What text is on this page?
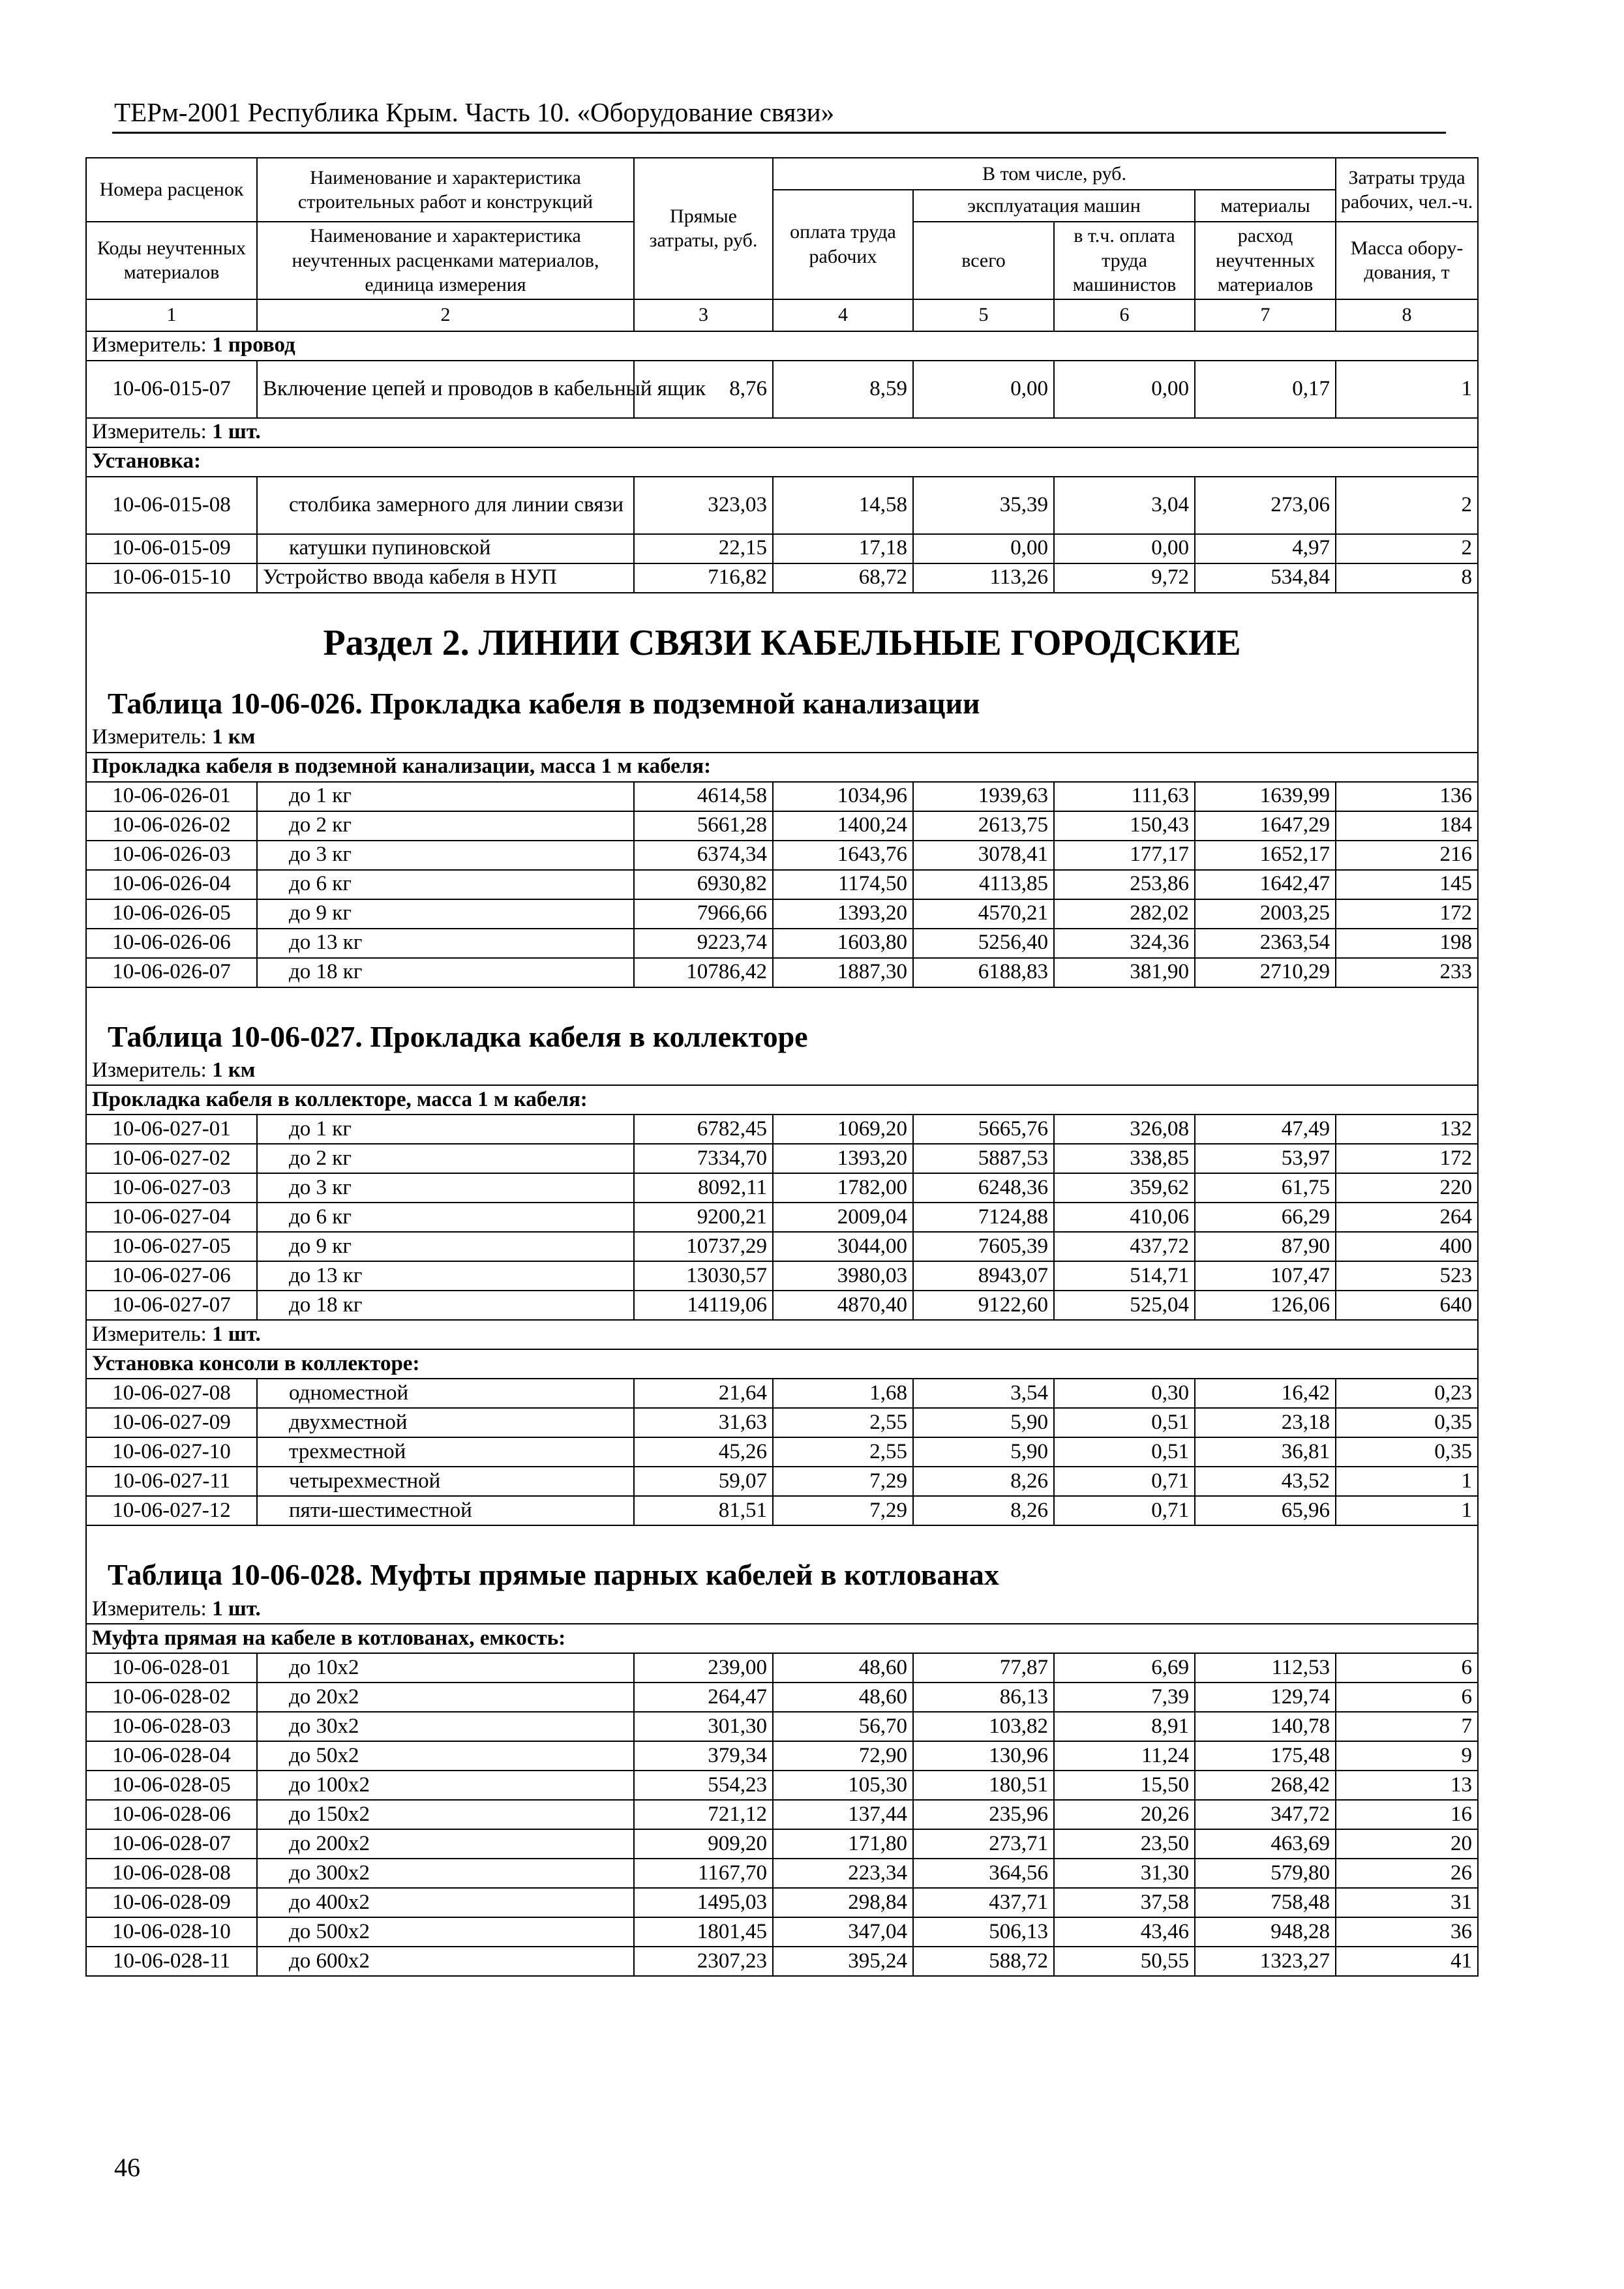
ТЕРм-2001 Республика Крым. Часть 10. «Оборудование связи»
Номера расценок	Наименование и характеристика строительных работ и конструкций	Прямые затраты, руб.	В том числе, руб.				Затраты труда рабочих, чел.-ч.
			оплата труда рабочих	эксплуатация машин		материалы	
Коды неучтенных материалов	Наименование и характеристика неучтенных расценками материалов, единица измерения			всего	в т.ч. оплата труда машинистов	расход неучтенных материалов	
							Масса обору-дования, т
1	2	3	4	5	6	7	8
Измеритель: 1 провод							
10-06-015-07	Включение цепей и проводов в кабельный ящик	8,76	8,59	0,00	0,00	0,17	1
Измеритель: 1 шт.							
Установка:							
10-06-015-08	столбика замерного для линии связи	323,03	14,58	35,39	3,04	273,06	2
10-06-015-09	катушки пупиновской	22,15	17,18	0,00	0,00	4,97	2
10-06-015-10	Устройство ввода кабеля в НУП	716,82	68,72	113,26	9,72	534,84	8

Раздел 2. ЛИНИИ СВЯЗИ КАБЕЛЬНЫЕ ГОРОДСКИЕ
Таблица 10-06-026. Прокладка кабеля в подземной канализации							

Измеритель: 1 км							
Прокладка кабеля в подземной канализации, масса 1 м кабеля:							
10-06-026-01	до 1 кг	4614,58	1034,96	1939,63	111,63	1639,99	136
10-06-026-02	до 2 кг	5661,28	1400,24	2613,75	150,43	1647,29	184
10-06-026-03	до 3 кг	6374,34	1643,76	3078,41	177,17	1652,17	216
10-06-026-04	до 6 кг	6930,82	1174,50	4113,85	253,86	1642,47	145
10-06-026-05	до 9 кг	7966,66	1393,20	4570,21	282,02	2003,25	172
10-06-026-06	до 13 кг	9223,74	1603,80	5256,40	324,36	2363,54	198
10-06-026-07	до 18 кг	10786,42	1887,30	6188,83	381,90	2710,29	233

Таблица 10-06-027. Прокладка кабеля в коллекторе							

Измеритель: 1 км							
Прокладка кабеля в коллекторе, масса 1 м кабеля:							
10-06-027-01	до 1 кг	6782,45	1069,20	5665,76	326,08	47,49	132
10-06-027-02	до 2 кг	7334,70	1393,20	5887,53	338,85	53,97	172
10-06-027-03	до 3 кг	8092,11	1782,00	6248,36	359,62	61,75	220
10-06-027-04	до 6 кг	9200,21	2009,04	7124,88	410,06	66,29	264
10-06-027-05	до 9 кг	10737,29	3044,00	7605,39	437,72	87,90	400
10-06-027-06	до 13 кг	13030,57	3980,03	8943,07	514,71	107,47	523
10-06-027-07	до 18 кг	14119,06	4870,40	9122,60	525,04	126,06	640
Измеритель: 1 шт.							
Установка консоли в коллекторе:							
10-06-027-08	одноместной	21,64	1,68	3,54	0,30	16,42	0,23
10-06-027-09	двухместной	31,63	2,55	5,90	0,51	23,18	0,35
10-06-027-10	трехместной	45,26	2,55	5,90	0,51	36,81	0,35
10-06-027-11	четырехместной	59,07	7,29	8,26	0,71	43,52	1
10-06-027-12	пяти-шестиместной	81,51	7,29	8,26	0,71	65,96	1

Таблица 10-06-028. Муфты прямые парных кабелей в котлованах							

Измеритель: 1 шт.							
Муфта прямая на кабеле в котлованах, емкость:							
10-06-028-01	до 10х2	239,00	48,60	77,87	6,69	112,53	6
10-06-028-02	до 20х2	264,47	48,60	86,13	7,39	129,74	6
10-06-028-03	до 30х2	301,30	56,70	103,82	8,91	140,78	7
10-06-028-04	до 50х2	379,34	72,90	130,96	11,24	175,48	9
10-06-028-05	до 100х2	554,23	105,30	180,51	15,50	268,42	13
10-06-028-06	до 150х2	721,12	137,44	235,96	20,26	347,72	16
10-06-028-07	до 200х2	909,20	171,80	273,71	23,50	463,69	20
10-06-028-08	до 300х2	1167,70	223,34	364,56	31,30	579,80	26
10-06-028-09	до 400х2	1495,03	298,84	437,71	37,58	758,48	31
10-06-028-10	до 500х2	1801,45	347,04	506,13	43,46	948,28	36
10-06-028-11	до 600х2	2307,23	395,24	588,72	50,55	1323,27	41
46
